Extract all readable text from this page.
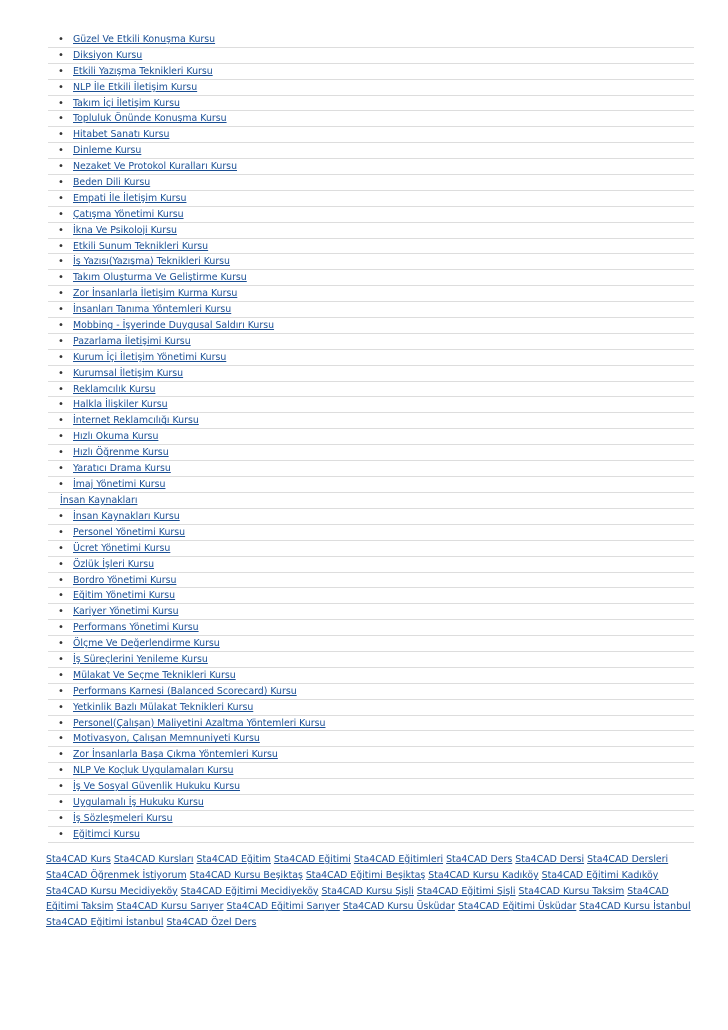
• Güzel Ve Etkili Konuşma Kursu
• Diksiyon Kursu
• Etkili Yazışma Teknikleri Kursu
• NLP İle Etkili İletişim Kursu
• Takım İçi İletişim Kursu
• Topluluk Önünde Konuşma Kursu
• Hitabet Sanatı Kursu
• Dinleme Kursu
• Nezaket Ve Protokol Kuralları Kursu
• Beden Dili Kursu
• Empati İle İletişim Kursu
• Çatışma Yönetimi Kursu
• İkna Ve Psikoloji Kursu
• Etkili Sunum Teknikleri Kursu
• İş Yazısı(Yazışma) Teknikleri Kursu
• Takım Oluşturma Ve Geliştirme Kursu
• Zor İnsanlarla İletişim Kurma Kursu
• İnsanları Tanıma Yöntemleri Kursu
• Mobbing - İşyerinde Duygusal Saldırı Kursu
• Pazarlama İletişimi Kursu
• Kurum İçi İletişim Yönetimi Kursu
• Kurumsal İletişim Kursu
• Reklamcılık Kursu
• Halkla İlişkiler Kursu
• İnternet Reklamcılığı Kursu
• Hızlı Okuma Kursu
• Hızlı Öğrenme Kursu
• Yaratıcı Drama Kursu
• İmaj Yönetimi Kursu
İnsan Kaynakları
• İnsan Kaynakları Kursu
• Personel Yönetimi Kursu
• Ücret Yönetimi Kursu
• Özlük İşleri Kursu
• Bordro Yönetimi Kursu
• Eğitim Yönetimi Kursu
• Kariyer Yönetimi Kursu
• Performans Yönetimi Kursu
• Ölçme Ve Değerlendirme Kursu
• İş Süreçlerini Yenileme Kursu
• Mülakat Ve Seçme Teknikleri Kursu
• Performans Karnesi (Balanced Scorecard) Kursu
• Yetkinlik Bazlı Mülakat Teknikleri Kursu
• Personel(Çalışan) Maliyetini Azaltma Yöntemleri Kursu
• Motivasyon, Çalışan Memnuniyeti Kursu
• Zor İnsanlarla Başa Çıkma Yöntemleri Kursu
• NLP Ve Koçluk Uygulamaları Kursu
• İş Ve Sosyal Güvenlik Hukuku Kursu
• Uygulamalı İş Hukuku Kursu
• İş Sözleşmeleri Kursu
• Eğitimci Kursu
Sta4CAD Kurs Sta4CAD Kursları Sta4CAD Eğitim Sta4CAD Eğitimi Sta4CAD Eğitimleri Sta4CAD Ders Sta4CAD Dersi Sta4CAD Dersleri Sta4CAD Öğrenmek İstiyorum Sta4CAD Kursu Beşiktaş Sta4CAD Eğitimi Beşiktaş Sta4CAD Kursu Kadıköy Sta4CAD Eğitimi Kadıköy Sta4CAD Kursu Mecidiyeköy Sta4CAD Eğitimi Mecidiyeköy Sta4CAD Kursu Şişli Sta4CAD Eğitimi Şişli Sta4CAD Kursu Taksim Sta4CAD Eğitimi Taksim Sta4CAD Kursu Sarıyer Sta4CAD Eğitimi Sarıyer Sta4CAD Kursu Üsküdar Sta4CAD Eğitimi Üsküdar Sta4CAD Kursu İstanbul Sta4CAD Eğitimi İstanbul Sta4CAD Özel Ders
